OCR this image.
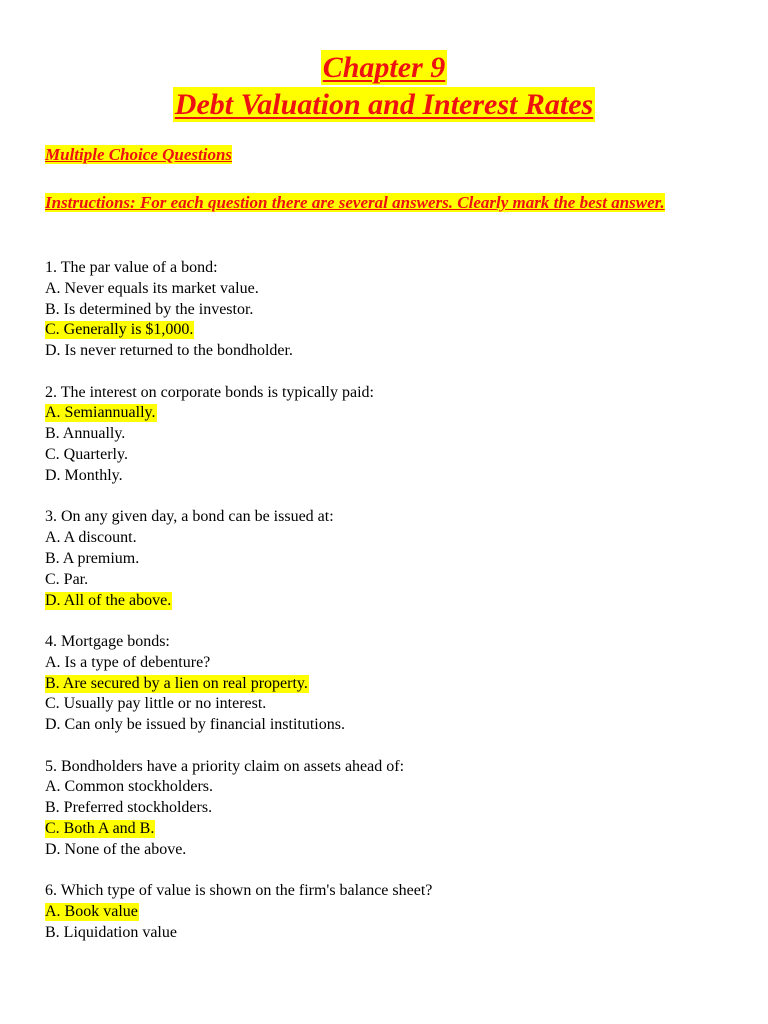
Chapter 9
Debt Valuation and Interest Rates
Multiple Choice Questions
Instructions: For each question there are several answers. Clearly mark the best answer.
1. The par value of a bond:
A. Never equals its market value.
B. Is determined by the investor.
C. Generally is $1,000.
D. Is never returned to the bondholder.
2. The interest on corporate bonds is typically paid:
A. Semiannually.
B. Annually.
C. Quarterly.
D. Monthly.
3. On any given day, a bond can be issued at:
A. A discount.
B. A premium.
C. Par.
D. All of the above.
4. Mortgage bonds:
A. Is a type of debenture?
B. Are secured by a lien on real property.
C. Usually pay little or no interest.
D. Can only be issued by financial institutions.
5. Bondholders have a priority claim on assets ahead of:
A. Common stockholders.
B. Preferred stockholders.
C. Both A and B.
D. None of the above.
6. Which type of value is shown on the firm's balance sheet?
A. Book value
B. Liquidation value
